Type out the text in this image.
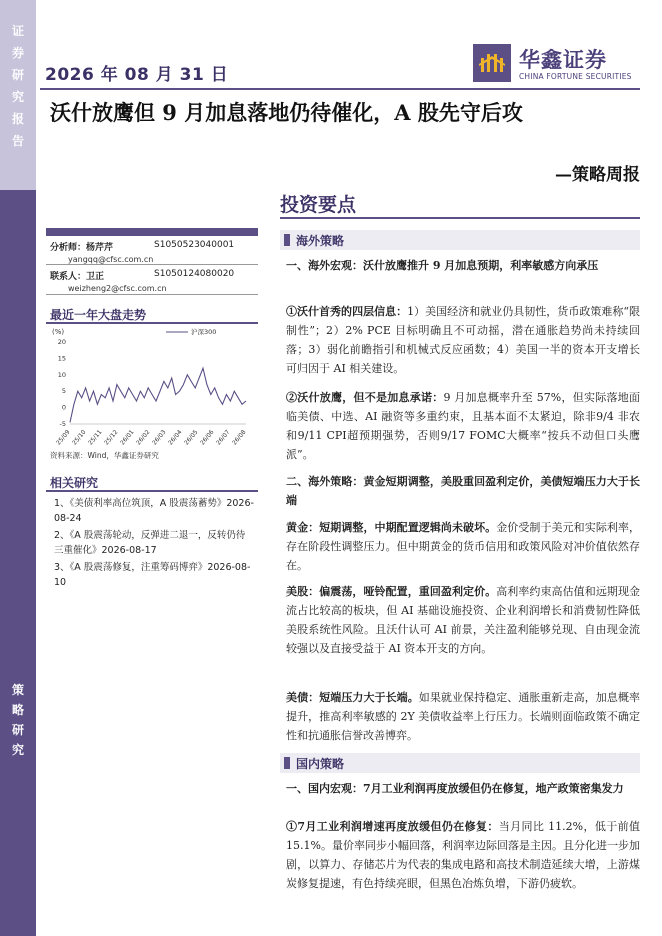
证
券
研
究
报
告
策
略
研
究
2026 年 08 月 31 日
华鑫证券
CHINA FORTUNE SECURITIES
沃什放鹰但 9 月加息落地仍待催化，A 股先守后攻
—策略周报
分析师：杨芹芹	S1050523040001
yangqq@cfsc.com.cn
联系人：卫正	S1050124080020
weizheng2@cfsc.com.cn
最近一年大盘走势
(%)	沪深300
-5
0
5
10
15
20
25/09 25/10 25/11 25/12 26/01 26/02 26/03 26/04 26/05 26/06 26/07 26/08
资料来源：Wind，华鑫证券研究
相关研究

1、《美债利率高位筑顶，A 股震荡蓄势》2026-08-24

2、《A 股震荡轮动，反弹进二退一，反转仍待三重催化》2026-08-17

3、《A 股震荡修复，注重筹码博弈》2026-08-10

投资要点
海外策略
一、海外宏观：沃什放鹰推升 9 月加息预期，利率敏感方向承压
①沃什首秀的四层信息：1）美国经济和就业仍具韧性，货币政策难称“限制性”；2）2% PCE 目标明确且不可动摇，潜在通胀趋势尚未持续回落；3）弱化前瞻指引和机械式反应函数；4）美国一半的资本开支增长可归因于 AI 相关建设。
②沃什放鹰，但不是加息承诺：9 月加息概率升至 57%，但实际落地面临美债、中选、AI 融资等多重约束，且基本面不太紧迫，除非9/4 非农和9/11 CPI超预期强势，否则9/17 FOMC大概率“按兵不动但口头鹰派”。
二、海外策略：黄金短期调整，美股重回盈利定价，美债短端压力大于长端
黄金：短期调整，中期配置逻辑尚未破坏。金价受制于美元和实际利率，存在阶段性调整压力。但中期黄金的货币信用和政策风险对冲价值依然存在。
美股：偏震荡，哑铃配置，重回盈利定价。高利率约束高估值和远期现金流占比较高的板块，但 AI 基础设施投资、企业利润增长和消费韧性降低美股系统性风险。且沃什认可 AI 前景，关注盈利能够兑现、自由现金流较强以及直接受益于 AI 资本开支的方向。
美债：短端压力大于长端。如果就业保持稳定、通胀重新走高，加息概率提升，推高利率敏感的 2Y 美债收益率上行压力。长端则面临政策不确定性和抗通胀信誉改善博弈。
国内策略
一、国内宏观：7月工业利润再度放缓但仍在修复，地产政策密集发力
①7月工业利润增速再度放缓但仍在修复：当月同比 11.2%，低于前值 15.1%。量价率同步小幅回落，利润率边际回落是主因。且分化进一步加剧，以算力、存储芯片为代表的集成电路和高技术制造延续大增，上游煤炭修复提速，有色持续亮眼，但黑色冶炼负增，下游仍疲软。
